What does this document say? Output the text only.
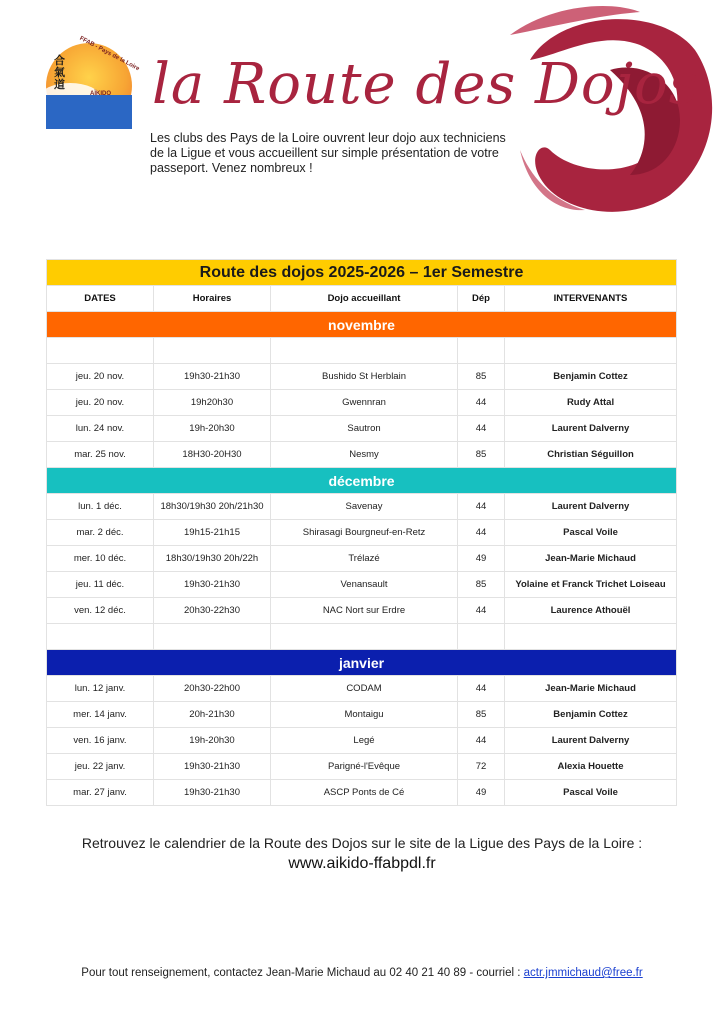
合氣道
FFAB - Pays de la Loire
AÏKIDO la Route des Dojos
Les clubs des Pays de la Loire ouvrent leur dojo aux techniciens de la Ligue et vous accueillent sur simple présentation de votre passeport. Venez nombreux !
Route des dojos 2025-2026 – 1er Semestre				
DATES	Horaires	Dojo accueillant	Dép	INTERVENANTS
novembre				

jeu. 20 nov.	19h30-21h30	Bushido St Herblain	85	Benjamin Cottez
jeu. 20 nov.	19h20h30	Gwennran	44	Rudy Attal
lun. 24 nov.	19h-20h30	Sautron	44	Laurent Dalverny
mar. 25 nov.	18H30-20H30	Nesmy	85	Christian Séguillon
décembre				
lun. 1 déc.	18h30/19h30 20h/21h30	Savenay	44	Laurent Dalverny
mar. 2 déc.	19h15-21h15	Shirasagi Bourgneuf-en-Retz	44	Pascal Voile
mer. 10 déc.	18h30/19h30 20h/22h	Trélazé	49	Jean-Marie Michaud
jeu. 11 déc.	19h30-21h30	Venansault	85	Yolaine et Franck Trichet Loiseau
ven. 12 déc.	20h30-22h30	NAC Nort sur Erdre	44	Laurence Athouël

janvier				
lun. 12 janv.	20h30-22h00	CODAM	44	Jean-Marie Michaud
mer. 14 janv.	20h-21h30	Montaigu	85	Benjamin Cottez
ven. 16 janv.	19h-20h30	Legé	44	Laurent Dalverny
jeu. 22 janv.	19h30-21h30	Parigné-l'Evêque	72	Alexia Houette
mar. 27 janv.	19h30-21h30	ASCP Ponts de Cé	49	Pascal Voile
Retrouvez le calendrier de la Route des Dojos sur le site de la Ligue des Pays de la Loire :
www.aikido-ffabpdl.fr
Pour tout renseignement, contactez Jean-Marie Michaud au 02 40 21 40 89 - courriel : actr.jmmichaud@free.fr
